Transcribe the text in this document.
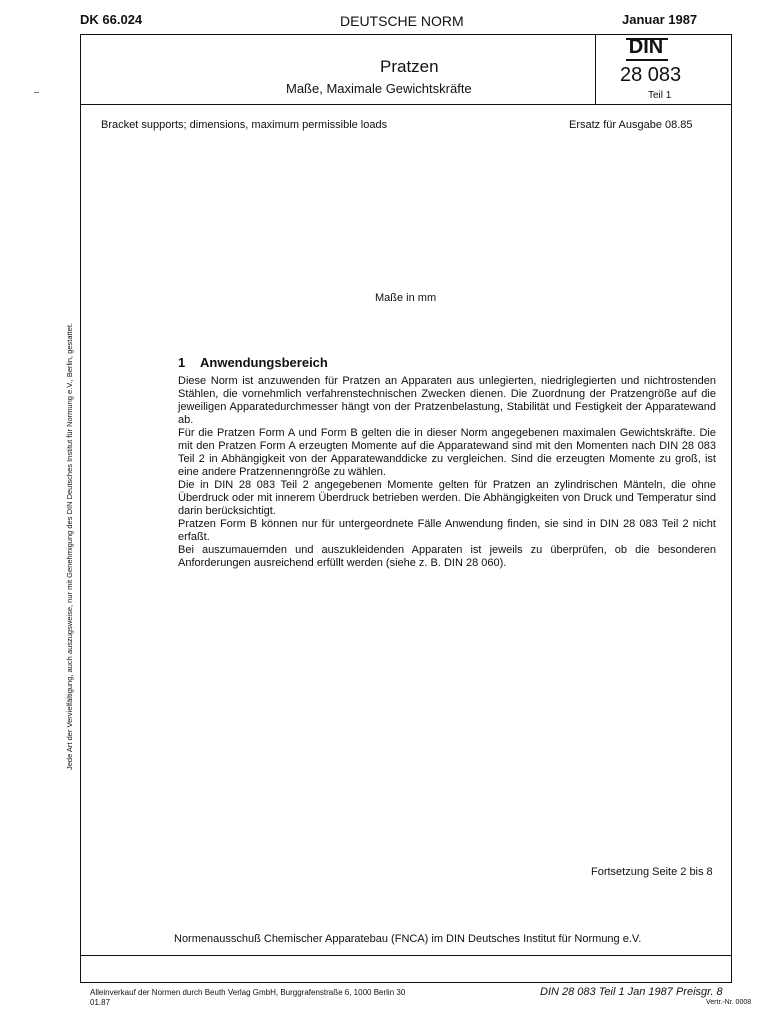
DK 66.024	DEUTSCHE NORM	Januar 1987
Pratzen
Maße, Maximale Gewichtskräfte
DIN
28 083
Teil 1
Bracket supports; dimensions, maximum permissible loads	Ersatz für Ausgabe 08.85
Maße in mm
1 Anwendungsbereich

Diese Norm ist anzuwenden für Pratzen an Apparaten aus unlegierten, niedriglegierten und nichtrostenden Stählen, die vornehmlich verfahrenstechnischen Zwecken dienen. Die Zuordnung der Pratzengröße auf die jeweiligen Apparatedurchmesser hängt von der Pratzenbelastung, Stabilität und Festigkeit der Apparatewand ab.

Für die Pratzen Form A und Form B gelten die in dieser Norm angegebenen maximalen Gewichtskräfte. Die mit den Pratzen Form A erzeugten Momente auf die Apparatewand sind mit den Momenten nach DIN 28 083 Teil 2 in Abhängigkeit von der Apparatewanddicke zu vergleichen. Sind die erzeugten Momente zu groß, ist eine andere Pratzennenngröße zu wählen.

Die in DIN 28 083 Teil 2 angegebenen Momente gelten für Pratzen an zylindrischen Mänteln, die ohne Überdruck oder mit innerem Überdruck betrieben werden. Die Abhängigkeiten von Druck und Temperatur sind darin berücksichtigt.

Pratzen Form B können nur für untergeordnete Fälle Anwendung finden, sie sind in DIN 28 083 Teil 2 nicht erfaßt.

Bei auszumauernden und auszukleidenden Apparaten ist jeweils zu überprüfen, ob die besonderen Anforderungen ausreichend erfüllt werden (siehe z. B. DIN 28 060).

Jede Art der Vervielfältigung, auch auszugsweise, nur mit Genehmigung des DIN Deutsches Institut für Normung e.V., Berlin, gestattet.
Fortsetzung Seite 2 bis 8
Normenausschuß Chemischer Apparatebau (FNCA) im DIN Deutsches Institut für Normung e.V.
Alleinverkauf der Normen durch Beuth Verlag GmbH, Burggrafenstraße 6, 1000 Berlin 30
01.87
DIN 28 083 Teil 1 Jan 1987 Preisgr. 8
Vertr.-Nr. 0008
